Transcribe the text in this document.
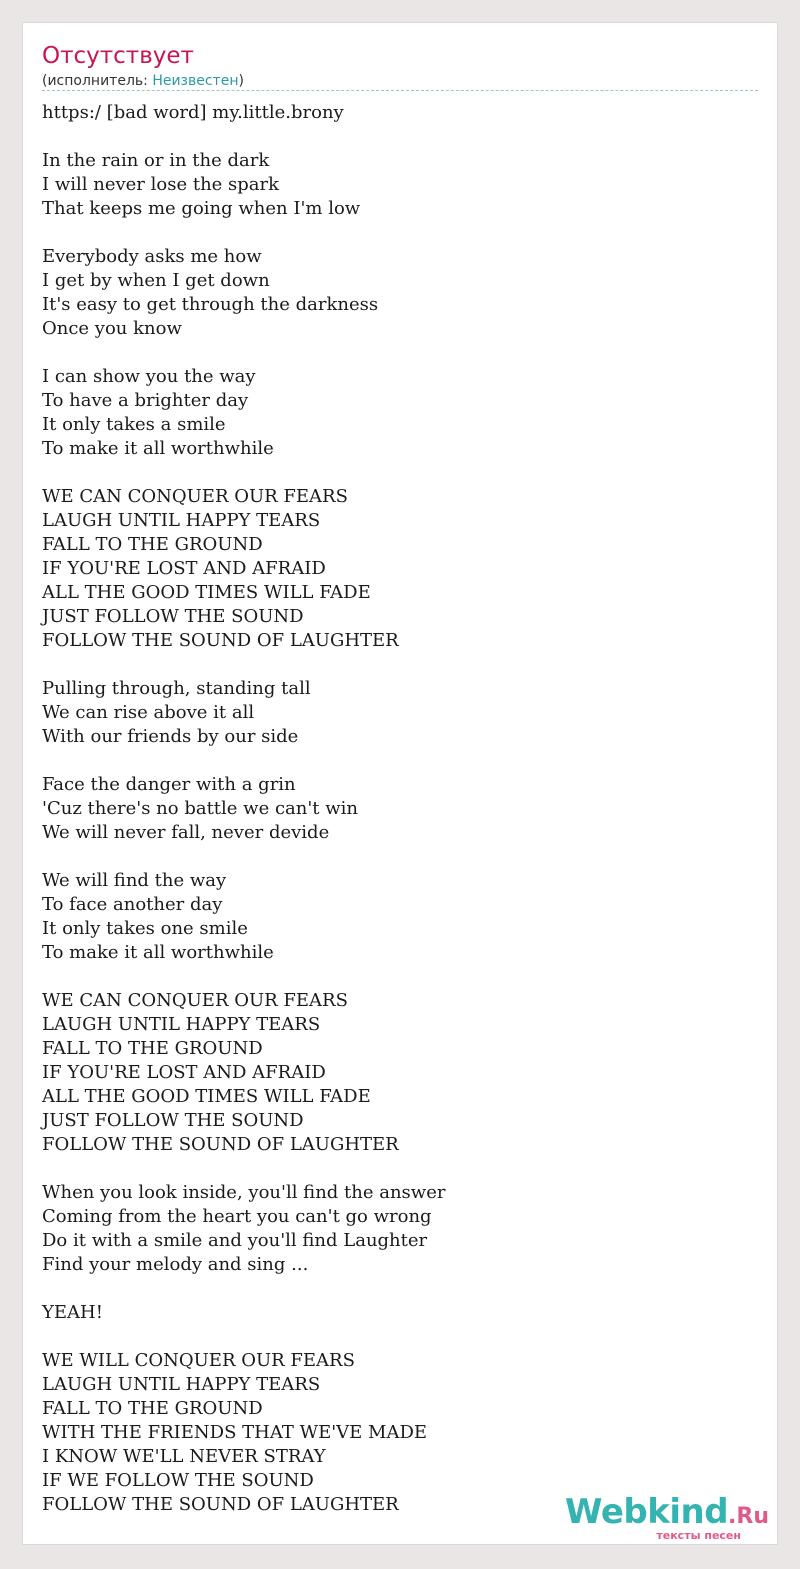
Отсутствует
(исполнитель: Неизвестен)
https:/ [bad word] my.little.brony

In the rain or in the dark
I will never lose the spark
That keeps me going when I'm low

Everybody asks me how
I get by when I get down
It's easy to get through the darkness
Once you know

I can show you the way
To have a brighter day
It only takes a smile
To make it all worthwhile

WE CAN CONQUER OUR FEARS
LAUGH UNTIL HAPPY TEARS
FALL TO THE GROUND
IF YOU'RE LOST AND AFRAID
ALL THE GOOD TIMES WILL FADE
JUST FOLLOW THE SOUND
FOLLOW THE SOUND OF LAUGHTER

Pulling through, standing tall
We can rise above it all
With our friends by our side

Face the danger with a grin
'Cuz there's no battle we can't win
We will never fall, never devide

We will find the way
To face another day
It only takes one smile
To make it all worthwhile

WE CAN CONQUER OUR FEARS
LAUGH UNTIL HAPPY TEARS
FALL TO THE GROUND
IF YOU'RE LOST AND AFRAID
ALL THE GOOD TIMES WILL FADE
JUST FOLLOW THE SOUND
FOLLOW THE SOUND OF LAUGHTER

When you look inside, you'll find the answer
Coming from the heart you can't go wrong
Do it with a smile and you'll find Laughter
Find your melody and sing ...

YEAH!

WE WILL CONQUER OUR FEARS
LAUGH UNTIL HAPPY TEARS
FALL TO THE GROUND
WITH THE FRIENDS THAT WE'VE MADE
I KNOW WE'LL NEVER STRAY
IF WE FOLLOW THE SOUND
FOLLOW THE SOUND OF LAUGHTER	Webkind.Ru
тексты песен
